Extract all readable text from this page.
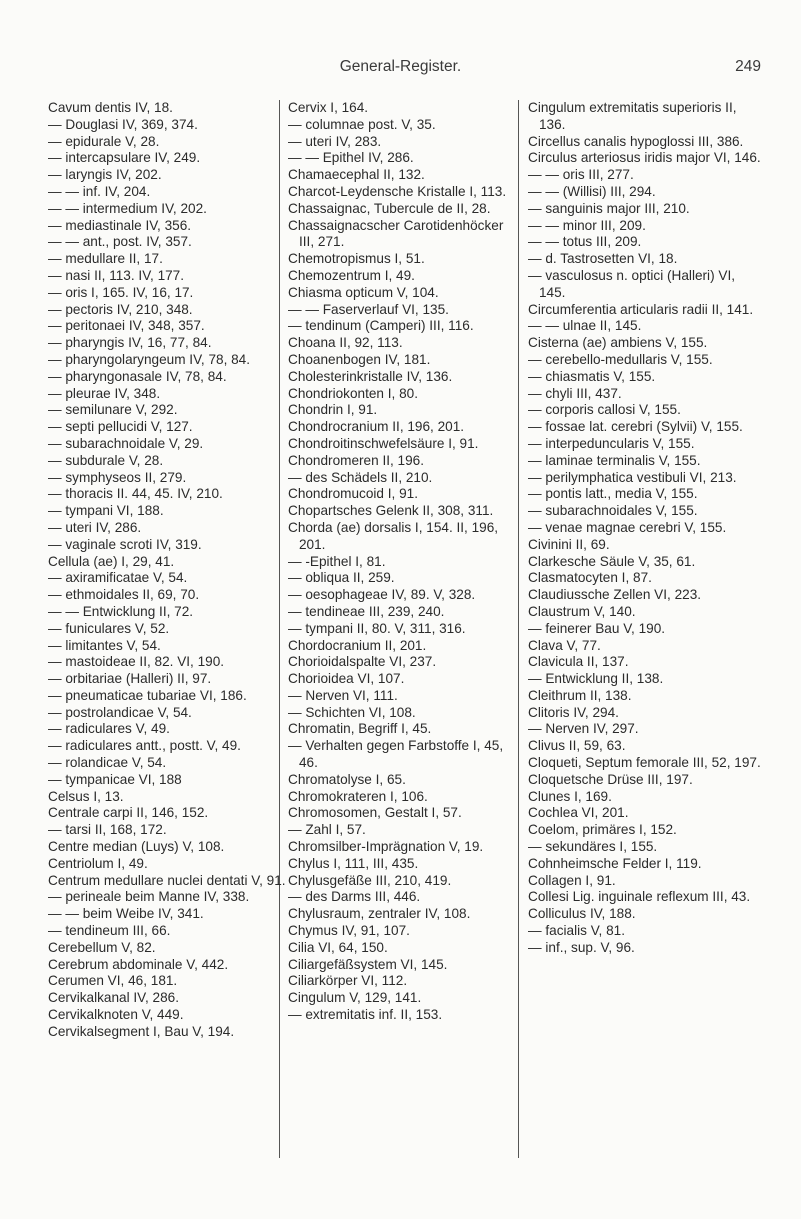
General-Register.	249
Cavum dentis IV, 18.
— Douglasi IV, 369, 374.
— epidurale V, 28.
— intercapsulare IV, 249.
— laryngis IV, 202.
— — inf. IV, 204.
— — intermedium IV, 202.
— mediastinale IV, 356.
— — ant., post. IV, 357.
— medullare II, 17.
— nasi II, 113. IV, 177.
— oris I, 165. IV, 16, 17.
— pectoris IV, 210, 348.
— peritonaei IV, 348, 357.
— pharyngis IV, 16, 77, 84.
— pharyngolaryngeum IV, 78, 84.
— pharyngonasale IV, 78, 84.
— pleurae IV, 348.
— semilunare V, 292.
— septi pellucidi V, 127.
— subarachnoidale V, 29.
— subdurale V, 28.
— symphyseos II, 279.
— thoracis II. 44, 45. IV, 210.
— tympani VI, 188.
— uteri IV, 286.
— vaginale scroti IV, 319.
Cellula (ae) I, 29, 41.
— axiramificatae V, 54.
— ethmoidales II, 69, 70.
— — Entwicklung II, 72.
— funiculares V, 52.
— limitantes V, 54.
— mastoideae II, 82. VI, 190.
— orbitariae (Halleri) II, 97.
— pneumaticae tubariae VI, 186.
— postrolandicae V, 54.
— radiculares V, 49.
— radiculares antt., postt. V, 49.
— rolandicae V, 54.
— tympanicae VI, 188
Celsus I, 13.
Centrale carpi II, 146, 152.
— tarsi II, 168, 172.
Centre median (Luys) V, 108.
Centriolum I, 49.
Centrum medullare nuclei dentati V, 91.
— perineale beim Manne IV, 338.
— — beim Weibe IV, 341.
— tendineum III, 66.
Cerebellum V, 82.
Cerebrum abdominale V, 442.
Cerumen VI, 46, 181.
Cervikalkanal IV, 286.
Cervikalknoten V, 449.
Cervikalsegment I, Bau V, 194.
Cervix I, 164.
— columnae post. V, 35.
— uteri IV, 283.
— — Epithel IV, 286.
Chamaecephal II, 132.
Charcot-Leydensche Kristalle I, 113.
Chassaignac, Tubercule de II, 28.
Chassaignacscher Carotidenhöcker III, 271.
Chemotropismus I, 51.
Chemozentrum I, 49.
Chiasma opticum V, 104.
— — Faserverlauf VI, 135.
— tendinum (Camperi) III, 116.
Choana II, 92, 113.
Choanenbogen IV, 181.
Cholesterinkristalle IV, 136.
Chondriokonten I, 80.
Chondrin I, 91.
Chondrocranium II, 196, 201.
Chondroitinschwefelsäure I, 91.
Chondromeren II, 196.
— des Schädels II, 210.
Chondromucoid I, 91.
Chopartsches Gelenk II, 308, 311.
Chorda (ae) dorsalis I, 154. II, 196, 201.
— -Epithel I, 81.
— obliqua II, 259.
— oesophageae IV, 89. V, 328.
— tendineae III, 239, 240.
— tympani II, 80. V, 311, 316.
Chordocranium II, 201.
Chorioidalspalte VI, 237.
Chorioidea VI, 107.
— Nerven VI, 111.
— Schichten VI, 108.
Chromatin, Begriff I, 45.
— Verhalten gegen Farbstoffe I, 45, 46.
Chromatolyse I, 65.
Chromokrateren I, 106.
Chromosomen, Gestalt I, 57.
— Zahl I, 57.
Chromsilber-Imprägnation V, 19.
Chylus I, 111, III, 435.
Chylusgefäße III, 210, 419.
— des Darms III, 446.
Chylusraum, zentraler IV, 108.
Chymus IV, 91, 107.
Cilia VI, 64, 150.
Ciliargefäßsystem VI, 145.
Ciliarkörper VI, 112.
Cingulum V, 129, 141.
— extremitatis inf. II, 153.
Cingulum extremitatis superioris II, 136.
Circellus canalis hypoglossi III, 386.
Circulus arteriosus iridis major VI, 146.
— — oris III, 277.
— — (Willisi) III, 294.
— sanguinis major III, 210.
— — minor III, 209.
— — totus III, 209.
— d. Tastrosetten VI, 18.
— vasculosus n. optici (Halleri) VI, 145.
Circumferentia articularis radii II, 141.
— — ulnae II, 145.
Cisterna (ae) ambiens V, 155.
— cerebello-medullaris V, 155.
— chiasmatis V, 155.
— chyli III, 437.
— corporis callosi V, 155.
— fossae lat. cerebri (Sylvii) V, 155.
— interpeduncularis V, 155.
— laminae terminalis V, 155.
— perilymphatica vestibuli VI, 213.
— pontis latt., media V, 155.
— subarachnoidales V, 155.
— venae magnae cerebri V, 155.
Civinini II, 69.
Clarkesche Säule V, 35, 61.
Clasmatocyten I, 87.
Claudiussche Zellen VI, 223.
Claustrum V, 140.
— feinerer Bau V, 190.
Clava V, 77.
Clavicula II, 137.
— Entwicklung II, 138.
Cleithrum II, 138.
Clitoris IV, 294.
— Nerven IV, 297.
Clivus II, 59, 63.
Cloqueti, Septum femorale III, 52, 197.
Cloquetsche Drüse III, 197.
Clunes I, 169.
Cochlea VI, 201.
Coelom, primäres I, 152.
— sekundäres I, 155.
Cohnheimsche Felder I, 119.
Collagen I, 91.
Collesi Lig. inguinale reflexum III, 43.
Colliculus IV, 188.
— facialis V, 81.
— inf., sup. V, 96.
